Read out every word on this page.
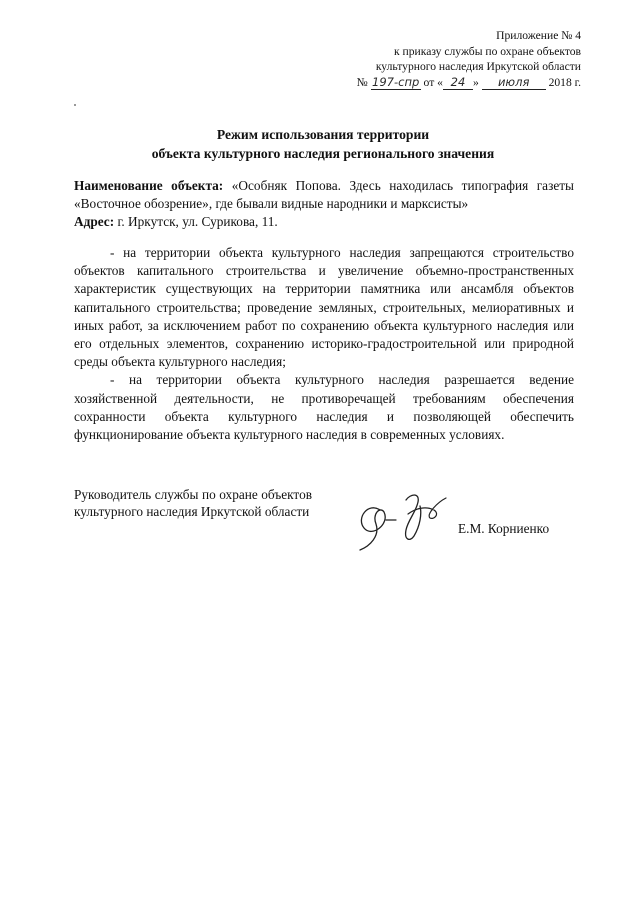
Приложение № 4
к приказу службы по охране объектов
культурного наследия Иркутской области
№ 197-спр от « 24 » июля 2018 г.
Режим использования территории
объекта культурного наследия регионального значения

Наименование объекта: «Особняк Попова. Здесь находилась типография газеты «Восточное обозрение», где бывали видные народники и марксисты»

Адрес: г. Иркутск, ул. Сурикова, 11.

- на территории объекта культурного наследия запрещаются строительство объектов капитального строительства и увеличение объемно-пространственных характеристик существующих на территории памятника или ансамбля объектов капитального строительства; проведение земляных, строительных, мелиоративных и иных работ, за исключением работ по сохранению объекта культурного наследия или его отдельных элементов, сохранению историко-градостроительной или природной среды объекта культурного наследия;

- на территории объекта культурного наследия разрешается ведение хозяйственной деятельности, не противоречащей требованиям обеспечения сохранности объекта культурного наследия и позволяющей обеспечить функционирование объекта культурного наследия в современных условиях.

Руководитель службы по охране объектов культурного наследия Иркутской области
Е.М. Корниенко
